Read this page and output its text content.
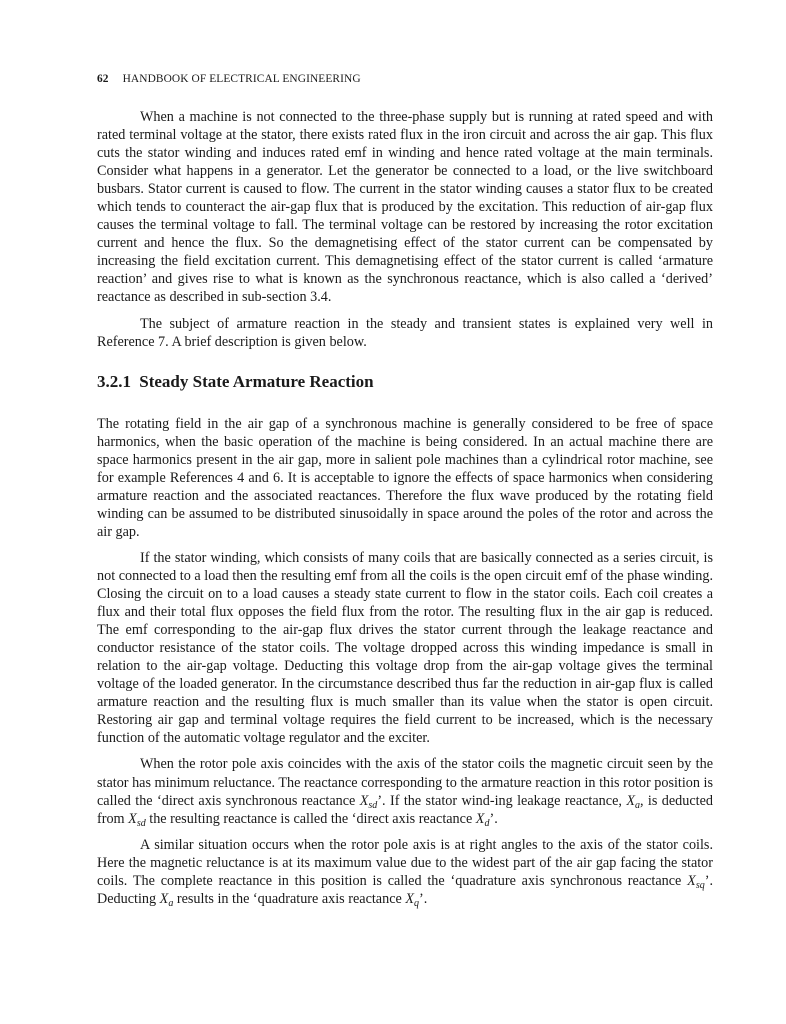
62 HANDBOOK OF ELECTRICAL ENGINEERING

When a machine is not connected to the three-phase supply but is running at rated speed and with rated terminal voltage at the stator, there exists rated flux in the iron circuit and across the air gap. This flux cuts the stator winding and induces rated emf in winding and hence rated voltage at the main terminals. Consider what happens in a generator. Let the generator be connected to a load, or the live switchboard busbars. Stator current is caused to flow. The current in the stator winding causes a stator flux to be created which tends to counteract the air-gap flux that is produced by the excitation. This reduction of air-gap flux causes the terminal voltage to fall. The terminal voltage can be restored by increasing the rotor excitation current and hence the flux. So the demagnetising effect of the stator current can be compensated by increasing the field excitation current. This demagnetising effect of the stator current is called ‘armature reaction’ and gives rise to what is known as the synchronous reactance, which is also called a ‘derived’ reactance as described in sub-section 3.4.

The subject of armature reaction in the steady and transient states is explained very well in Reference 7. A brief description is given below.

3.2.1 Steady State Armature Reaction

The rotating field in the air gap of a synchronous machine is generally considered to be free of space harmonics, when the basic operation of the machine is being considered. In an actual machine there are space harmonics present in the air gap, more in salient pole machines than a cylindrical rotor machine, see for example References 4 and 6. It is acceptable to ignore the effects of space harmonics when considering armature reaction and the associated reactances. Therefore the flux wave produced by the rotating field winding can be assumed to be distributed sinusoidally in space around the poles of the rotor and across the air gap.

If the stator winding, which consists of many coils that are basically connected as a series circuit, is not connected to a load then the resulting emf from all the coils is the open circuit emf of the phase winding. Closing the circuit on to a load causes a steady state current to flow in the stator coils. Each coil creates a flux and their total flux opposes the field flux from the rotor. The resulting flux in the air gap is reduced. The emf corresponding to the air-gap flux drives the stator current through the leakage reactance and conductor resistance of the stator coils. The voltage dropped across this winding impedance is small in relation to the air-gap voltage. Deducting this voltage drop from the air-gap voltage gives the terminal voltage of the loaded generator. In the circumstance described thus far the reduction in air-gap flux is called armature reaction and the resulting flux is much smaller than its value when the stator is open circuit. Restoring air gap and terminal voltage requires the field current to be increased, which is the necessary function of the automatic voltage regulator and the exciter.

When the rotor pole axis coincides with the axis of the stator coils the magnetic circuit seen by the stator has minimum reluctance. The reactance corresponding to the armature reaction in this rotor position is called the ‘direct axis synchronous reactance $X_{sd}$’. If the stator wind-ing leakage reactance, $X_a$, is deducted from $X_{sd}$ the resulting reactance is called the ‘direct axis reactance $X_d$’.

A similar situation occurs when the rotor pole axis is at right angles to the axis of the stator coils. Here the magnetic reluctance is at its maximum value due to the widest part of the air gap facing the stator coils. The complete reactance in this position is called the ‘quadrature axis synchronous reactance $X_{sq}$’. Deducting $X_a$ results in the ‘quadrature axis reactance $X_q$’.
